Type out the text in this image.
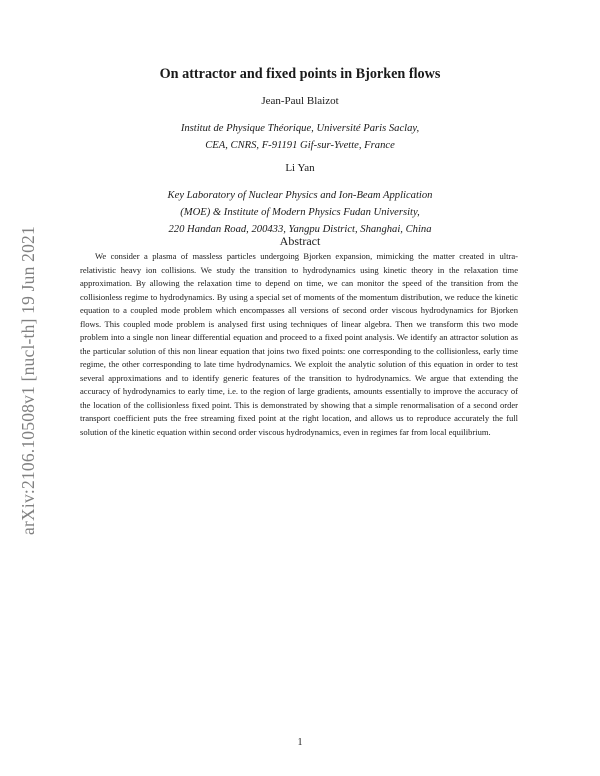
arXiv:2106.10508v1 [nucl-th] 19 Jun 2021
On attractor and fixed points in Bjorken flows
Jean-Paul Blaizot
Institut de Physique Théorique, Université Paris Saclay,
CEA, CNRS, F-91191 Gif-sur-Yvette, France
Li Yan
Key Laboratory of Nuclear Physics and Ion-Beam Application
(MOE) & Institute of Modern Physics Fudan University,
220 Handan Road, 200433, Yangpu District, Shanghai, China
Abstract
We consider a plasma of massless particles undergoing Bjorken expansion, mimicking the matter created in ultra-relativistic heavy ion collisions. We study the transition to hydrodynamics using kinetic theory in the relaxation time approximation. By allowing the relaxation time to depend on time, we can monitor the speed of the transition from the collisionless regime to hydrodynamics. By using a special set of moments of the momentum distribution, we reduce the kinetic equation to a coupled mode problem which encompasses all versions of second order viscous hydrodynamics for Bjorken flows. This coupled mode problem is analysed first using techniques of linear algebra. Then we transform this two mode problem into a single non linear differential equation and proceed to a fixed point analysis. We identify an attractor solution as the particular solution of this non linear equation that joins two fixed points: one corresponding to the collisionless, early time regime, the other corresponding to late time hydrodynamics. We exploit the analytic solution of this equation in order to test several approximations and to identify generic features of the transition to hydrodynamics. We argue that extending the accuracy of hydrodynamics to early time, i.e. to the region of large gradients, amounts essentially to improve the accuracy of the location of the collisionless fixed point. This is demonstrated by showing that a simple renormalisation of a second order transport coefficient puts the free streaming fixed point at the right location, and allows us to reproduce accurately the full solution of the kinetic equation within second order viscous hydrodynamics, even in regimes far from local equilibrium.
1
